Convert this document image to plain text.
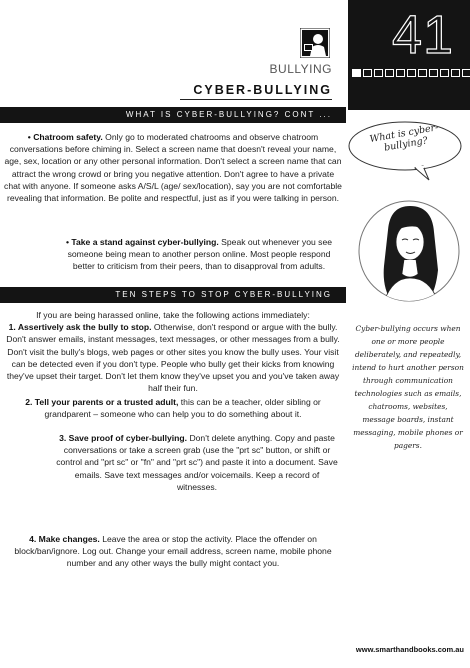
41
BULLYING
CYBER-BULLYING
WHAT IS CYBER-BULLYING? CONT ...
• Chatroom safety. Only go to moderated chatrooms and observe chatroom conversations before chiming in. Select a screen name that doesn't reveal your name, age, sex, location or any other personal information. Don't select a screen name that can attract the wrong crowd or bring you negative attention. Don't agree to have a private chat with anyone. If someone asks A/S/L (age/ sex/location), say you are not comfortable revealing that information. Be polite and respectful, just as if you were talking in person.
• Take a stand against cyber-bullying. Speak out whenever you see someone being mean to another person online. Most people respond better to criticism from their peers, than to disapproval from adults.
TEN STEPS TO STOP CYBER-BULLYING
If you are being harassed online, take the following actions immediately:
1. Assertively ask the bully to stop. Otherwise, don't respond or argue with the bully. Don't answer emails, instant messages, text messages, or other messages from a bully. Don't visit the bully's blogs, web pages or other sites you know the bully uses. Your visit can be detected even if you don't type. People who bully get their kicks from knowing they've upset their target. Don't let them know they've upset you and you've taken away half their fun.
2. Tell your parents or a trusted adult, this can be a teacher, older sibling or grandparent – someone who can help you to do something about it.
3. Save proof of cyber-bullying. Don't delete anything. Copy and paste conversations or take a screen grab (use the "prt sc" button, or shift or control and "prt sc" or "fn" and "prt sc") and paste it into a document. Save emails. Save text messages and/or voicemails. Keep a record of witnesses.
4. Make changes. Leave the area or stop the activity. Place the offender on block/ban/ignore. Log out. Change your email address, screen name, mobile phone number and any other ways the bully might contact you.
What is cyber-bullying?
Cyber-bullying occurs when one or more people deliberately, and repeatedly, intend to hurt another person through communication technologies such as emails, chatrooms, websites, message boards, instant messaging, mobile phones or pagers.
www.smarthandbooks.com.au
